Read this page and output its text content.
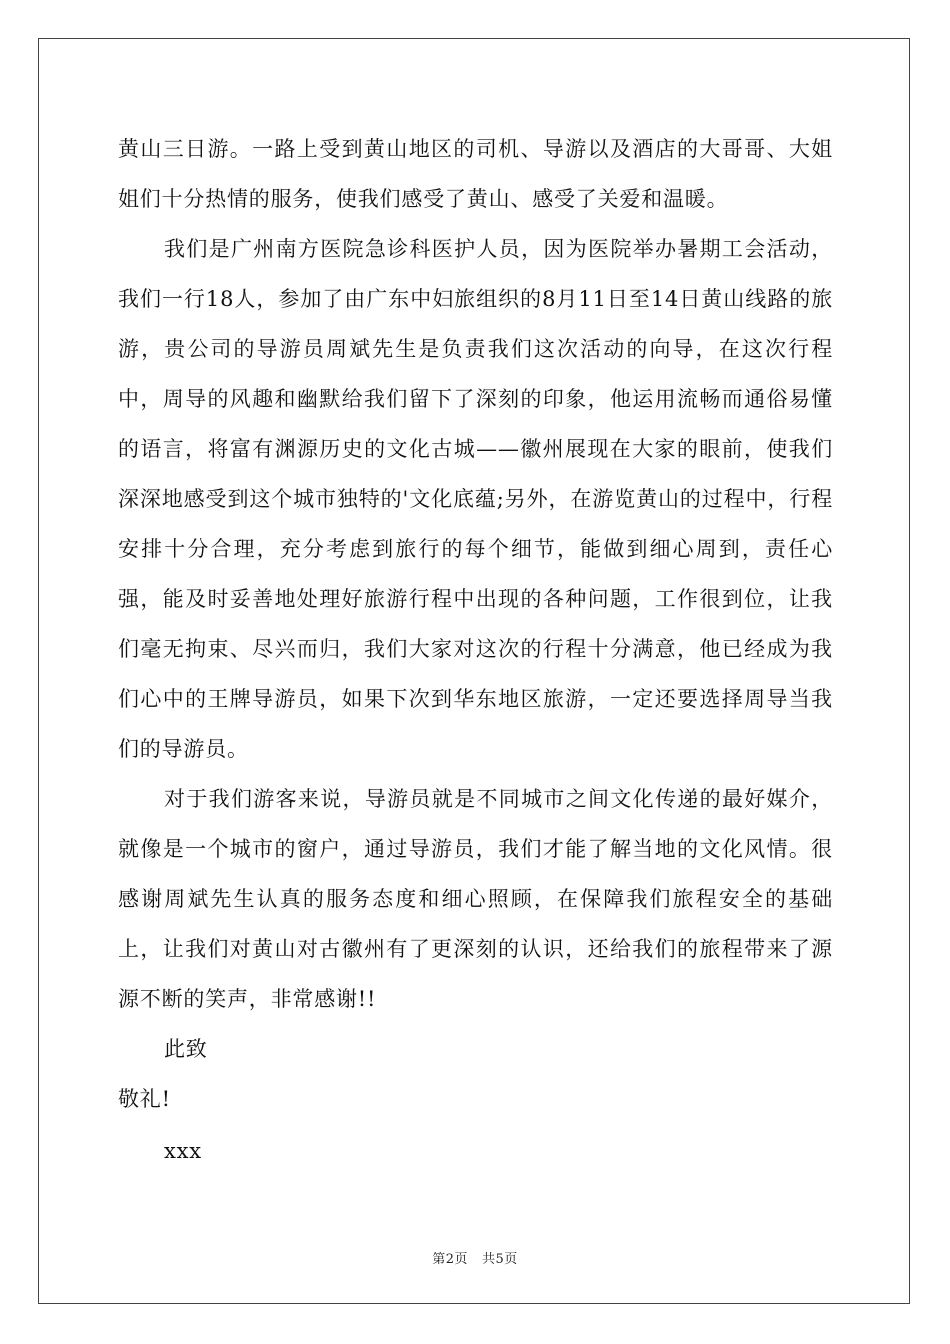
黄山三日游。一路上受到黄山地区的司机、导游以及酒店的大哥哥、大姐姐们十分热情的服务，使我们感受了黄山、感受了关爱和温暖。

我们是广州南方医院急诊科医护人员，因为医院举办暑期工会活动，我们一行18人，参加了由广东中妇旅组织的8月11日至14日黄山线路的旅游，贵公司的导游员周斌先生是负责我们这次活动的向导，在这次行程中，周导的风趣和幽默给我们留下了深刻的印象，他运用流畅而通俗易懂的语言，将富有渊源历史的文化古城——徽州展现在大家的眼前，使我们深深地感受到这个城市独特的'文化底蕴;另外，在游览黄山的过程中，行程安排十分合理，充分考虑到旅行的每个细节，能做到细心周到，责任心强，能及时妥善地处理好旅游行程中出现的各种问题，工作很到位，让我们毫无拘束、尽兴而归，我们大家对这次的行程十分满意，他已经成为我们心中的王牌导游员，如果下次到华东地区旅游，一定还要选择周导当我们的导游员。

对于我们游客来说，导游员就是不同城市之间文化传递的最好媒介，就像是一个城市的窗户，通过导游员，我们才能了解当地的文化风情。很感谢周斌先生认真的服务态度和细心照顾，在保障我们旅程安全的基础上，让我们对黄山对古徽州有了更深刻的认识，还给我们的旅程带来了源源不断的笑声，非常感谢!!

此致

敬礼!

xxx

第2页 共5页
